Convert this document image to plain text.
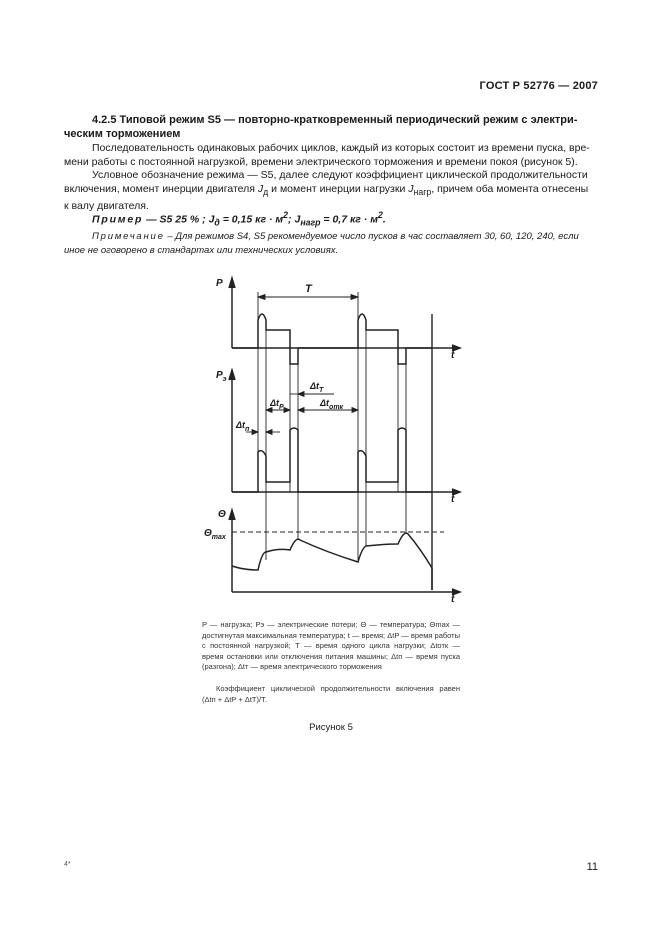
ГОСТ Р 52776 — 2007
4.2.5 Типовой режим S5 — повторно-кратковременный периодический режим с электри-
ческим торможением
Последовательность одинаковых рабочих циклов, каждый из которых состоит из времени пуска, вре-
мени работы с постоянной нагрузкой, времени электрического торможения и времени покоя (рисунок 5).
Условное обозначение режима — S5, далее следуют коэффициент циклической продолжительности
включения, момент инерции двигателя $J_д$ и момент инерции нагрузки $J_{нагр}$, причем оба момента отнесены
к валу двигателя.
Пример — S5 25 % ; $J_д = 0,15$ кг · $м^2$; $J_{нагр} = 0,7$ кг · $м^2$.
Примечание – Для режимов S4, S5 рекомендуемое число пусков в час составляет 30, 60, 120, 240, если
иное не оговорено в стандартах или технических условиях.
P
$P_э$
Θ
$\Theta_{max}$
t
t
t
T
$\Delta t_T$
$\Delta t_P$	$\Delta t_{отк}$
$\Delta t_п$
P — нагрузка; Pэ — электрические потери; Θ — температура; Θmax — достигнутая максимальная температура; t — время; ΔtP — время работы с постоянной нагрузкой; T — время одного цикла нагрузки; Δtотк — время остановки или отключения питания машины; Δtп — время пуска (разгона); Δtт — время электрического торможения
Коэффициент циклической продолжительности включения равен (Δtп + ΔtР + ΔtТ)/T.
Рисунок 5
4*	11
